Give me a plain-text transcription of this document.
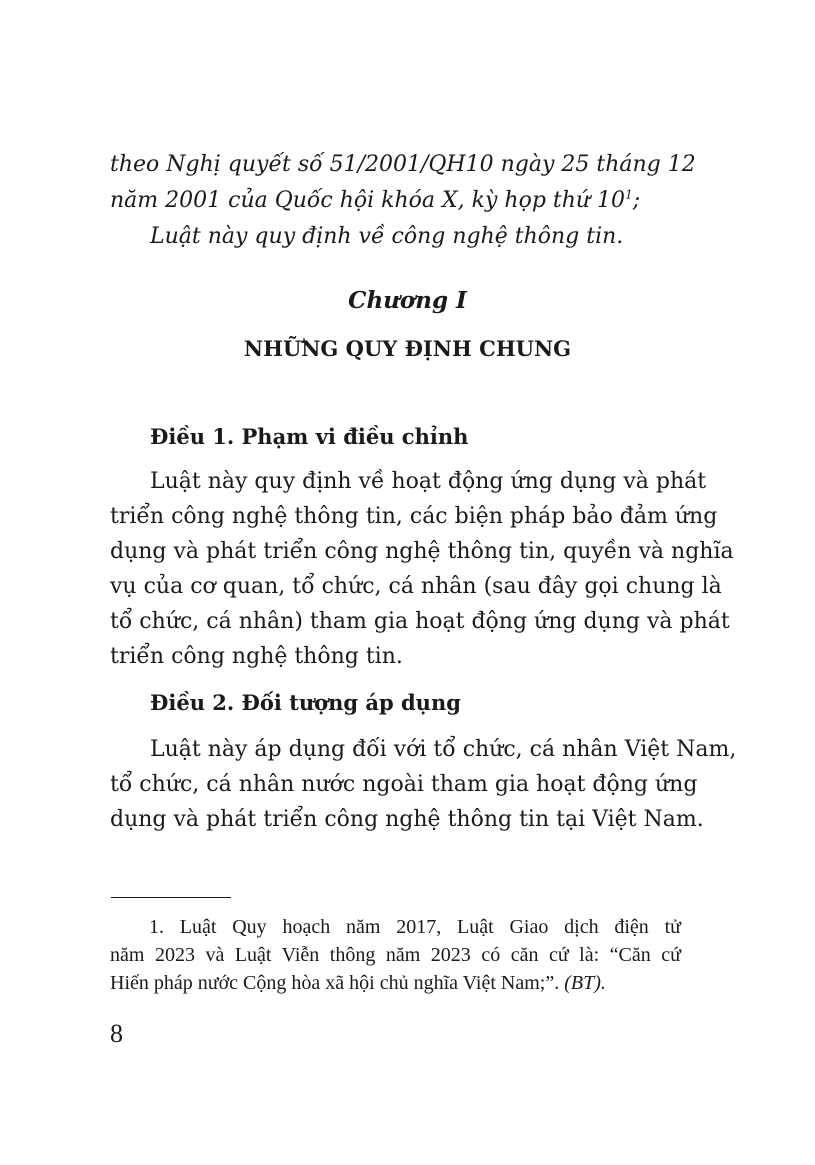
theo Nghị quyết số 51/2001/QH10 ngày 25 tháng 12
năm 2001 của Quốc hội khóa X, kỳ họp thứ $10^1$;
Luật này quy định về công nghệ thông tin.
Chương I
NHỮNG QUY ĐỊNH CHUNG
Điều 1. Phạm vi điều chỉnh
Luật này quy định về hoạt động ứng dụng và phát
triển công nghệ thông tin, các biện pháp bảo đảm ứng
dụng và phát triển công nghệ thông tin, quyền và nghĩa
vụ của cơ quan, tổ chức, cá nhân (sau đây gọi chung là
tổ chức, cá nhân) tham gia hoạt động ứng dụng và phát
triển công nghệ thông tin.
Điều 2. Đối tượng áp dụng
Luật này áp dụng đối với tổ chức, cá nhân Việt Nam,
tổ chức, cá nhân nước ngoài tham gia hoạt động ứng
dụng và phát triển công nghệ thông tin tại Việt Nam.
1. Luật Quy hoạch năm 2017, Luật Giao dịch điện tử
năm 2023 và Luật Viễn thông năm 2023 có căn cứ là: “Căn cứ
Hiến pháp nước Cộng hòa xã hội chủ nghĩa Việt Nam;”. (BT).
8
